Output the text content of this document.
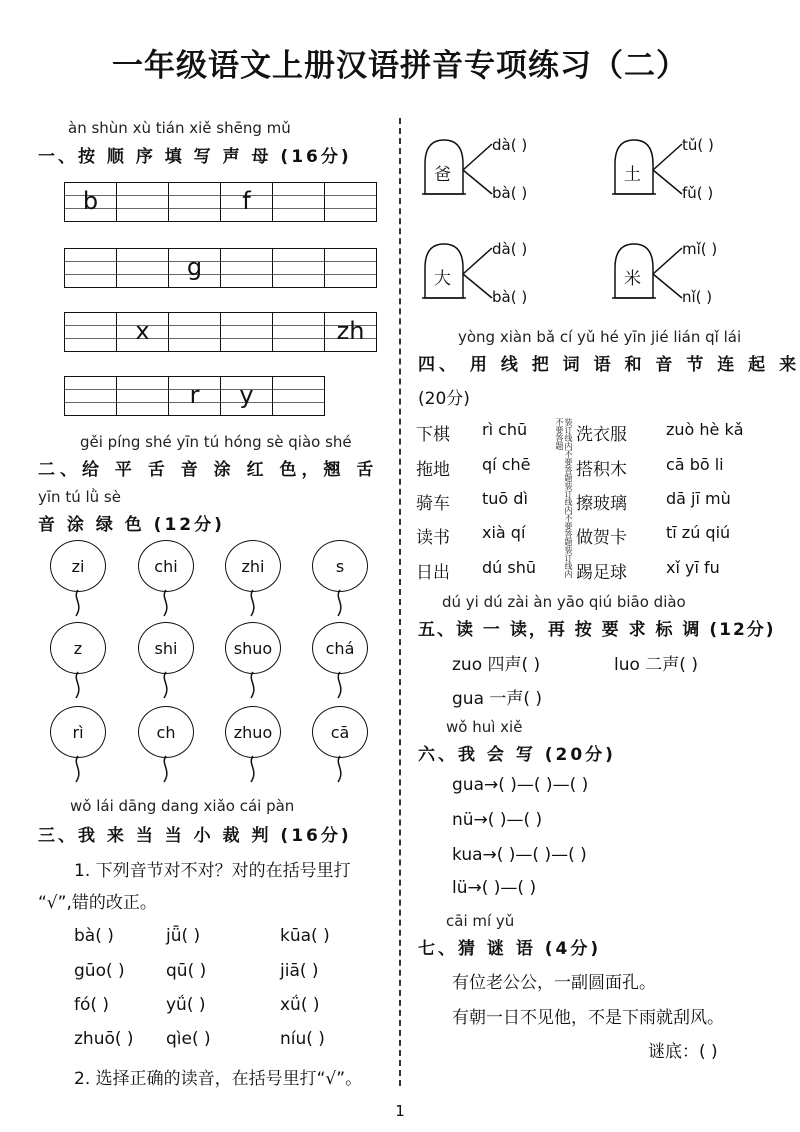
一年级语文上册汉语拼音专项练习（二）
àn shùn xù tián xiě shēng mǔ
一、按 顺 序 填 写 声 母 (16分)
b	f
g
x	zh
r	y
gěi píng shé yīn tú hóng sè qiào shé
二、给 平 舌 音 涂 红 色，翘 舌
yīn tú lǜ sè
音 涂 绿 色 (12分)
zi	chi	zhi	s
z	shi	shuo	chá
rì	ch	zhuo	cā
wǒ lái dāng dang xiǎo cái pàn
三、我 来 当 当 小 裁 判 (16分)
1. 下列音节对不对？对的在括号里打
“√”,错的改正。
bà( )	jǖ( )	kūa( )
gūo( ) qū( )	jiā( )
fó( )	yǘ( )	xǘ( )
zhuō( ) qìe( )	níu( )
2. 选择正确的读音，在括号里打“√”。
爸
dà( )
bà( )
土
tǔ( )
fǔ( )
大
dà( )
bà( )
米
mǐ( )
nǐ( )
yòng xiàn bǎ cí yǔ hé yīn jié lián qǐ lái
四、 用 线 把 词 语 和 音 节 连 起 来
(20分)
下棋 rì chū	洗衣服 zuò hè kǎ
拖地 qí chē	搭积木 cā bō li
骑车 tuō dì	擦玻璃 dā jī mù
读书 xià qí	做贺卡 tī zú qiú
日出 dú shū 踢足球 xǐ yī fu
装订线内不要答题装订线内不要答题装订线内不要答题
dú yi dú zài àn yāo qiú biāo diào
五、读 一 读，再 按 要 求 标 调 (12分)
zuo 四声( )	luo 二声( )
gua 一声( )
wǒ huì xiě
六、我 会 写 (20分)
gua→( )—( )—( )
nü→( )—( )
kua→( )—( )—( )
lü→( )—( )
cāi mí yǔ
七、猜 谜 语 (4分)
有位老公公，一副圆面孔。
有朝一日不见他，不是下雨就刮风。
谜底：( )
1
